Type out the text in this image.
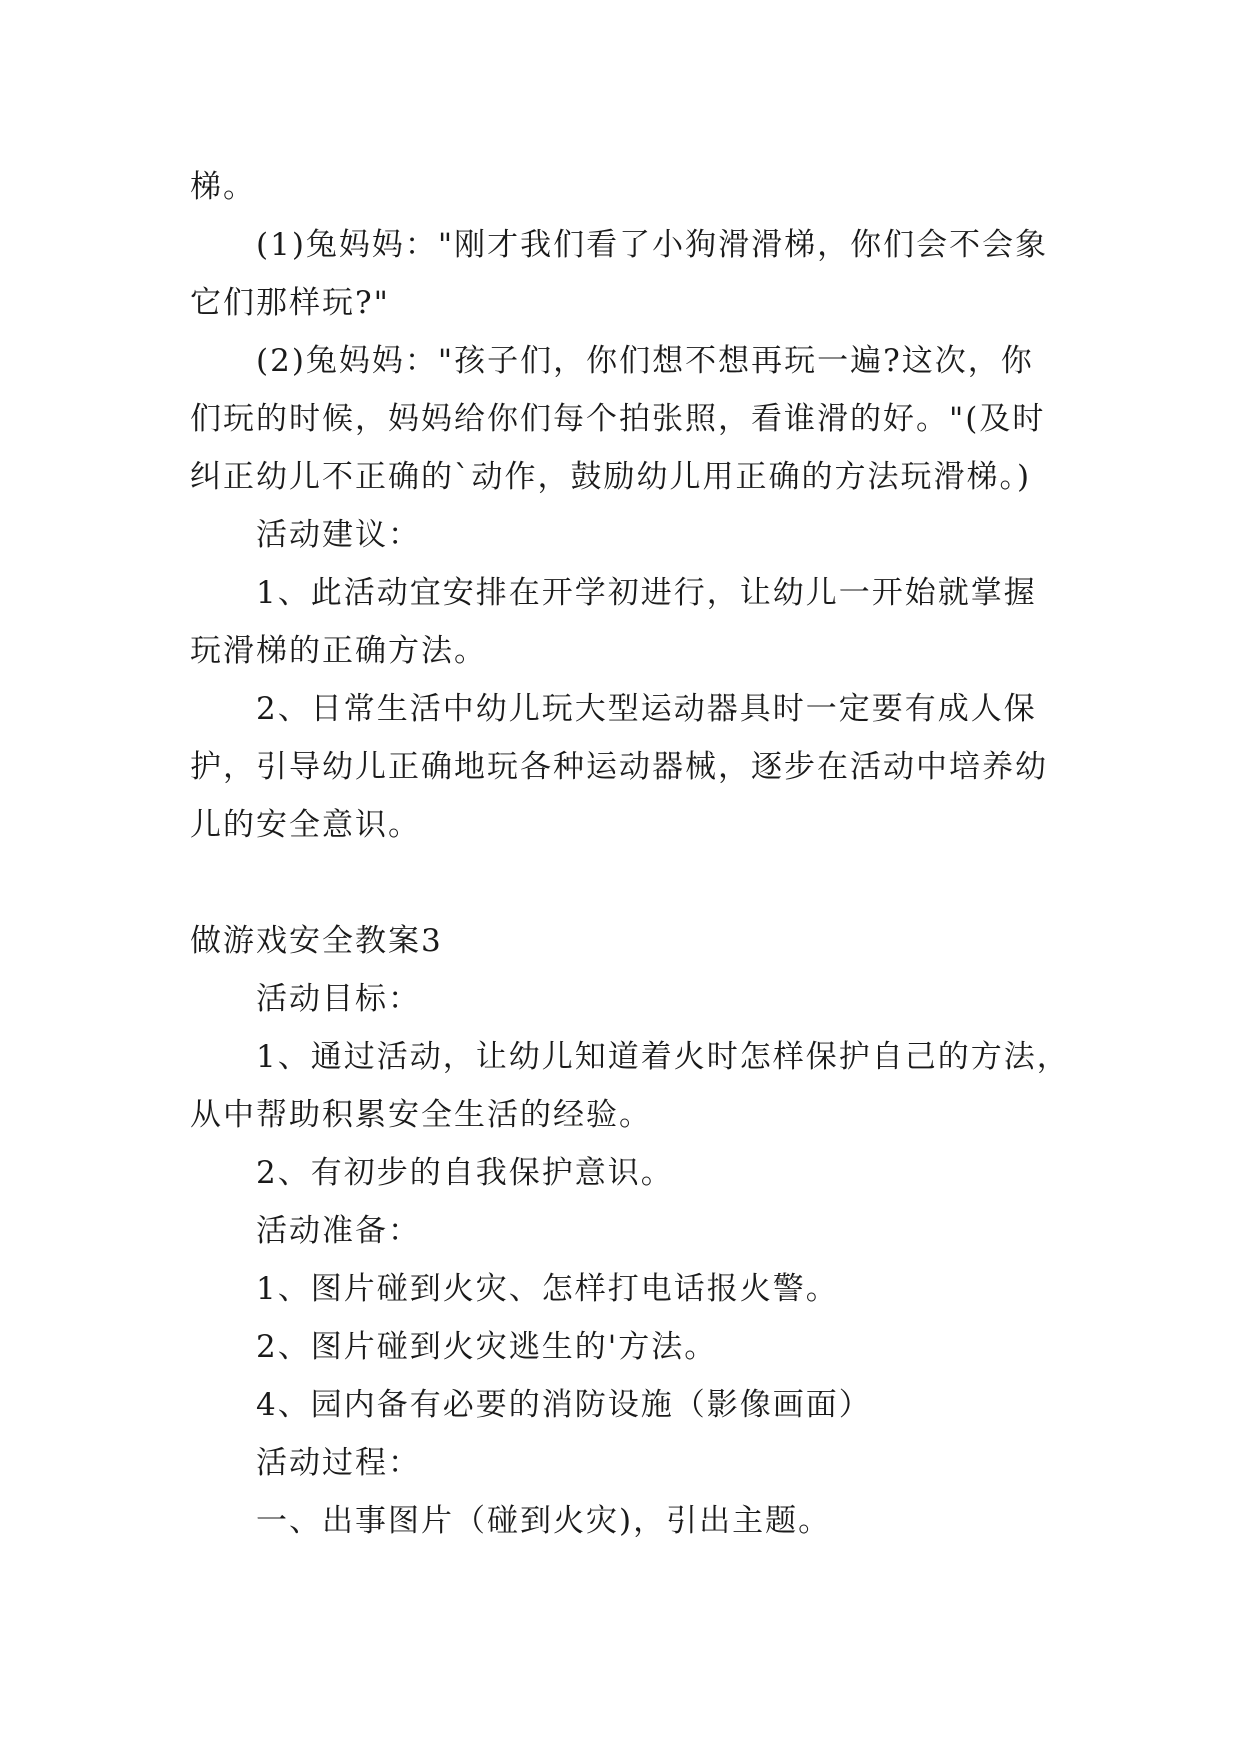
梯。
(1)兔妈妈："刚才我们看了小狗滑滑梯，你们会不会象
它们那样玩?"
(2)兔妈妈："孩子们，你们想不想再玩一遍?这次，你
们玩的时候，妈妈给你们每个拍张照，看谁滑的好。"(及时
纠正幼儿不正确的`动作，鼓励幼儿用正确的方法玩滑梯。)
活动建议：
1、此活动宜安排在开学初进行，让幼儿一开始就掌握
玩滑梯的正确方法。
2、日常生活中幼儿玩大型运动器具时一定要有成人保
护，引导幼儿正确地玩各种运动器械，逐步在活动中培养幼
儿的安全意识。
做游戏安全教案3
活动目标：
1、通过活动，让幼儿知道着火时怎样保护自己的方法，
从中帮助积累安全生活的经验。
2、有初步的自我保护意识。
活动准备：
1、图片碰到火灾、怎样打电话报火警。
2、图片碰到火灾逃生的'方法。
4、园内备有必要的消防设施（影像画面）
活动过程：
一、出事图片（碰到火灾)，引出主题。
